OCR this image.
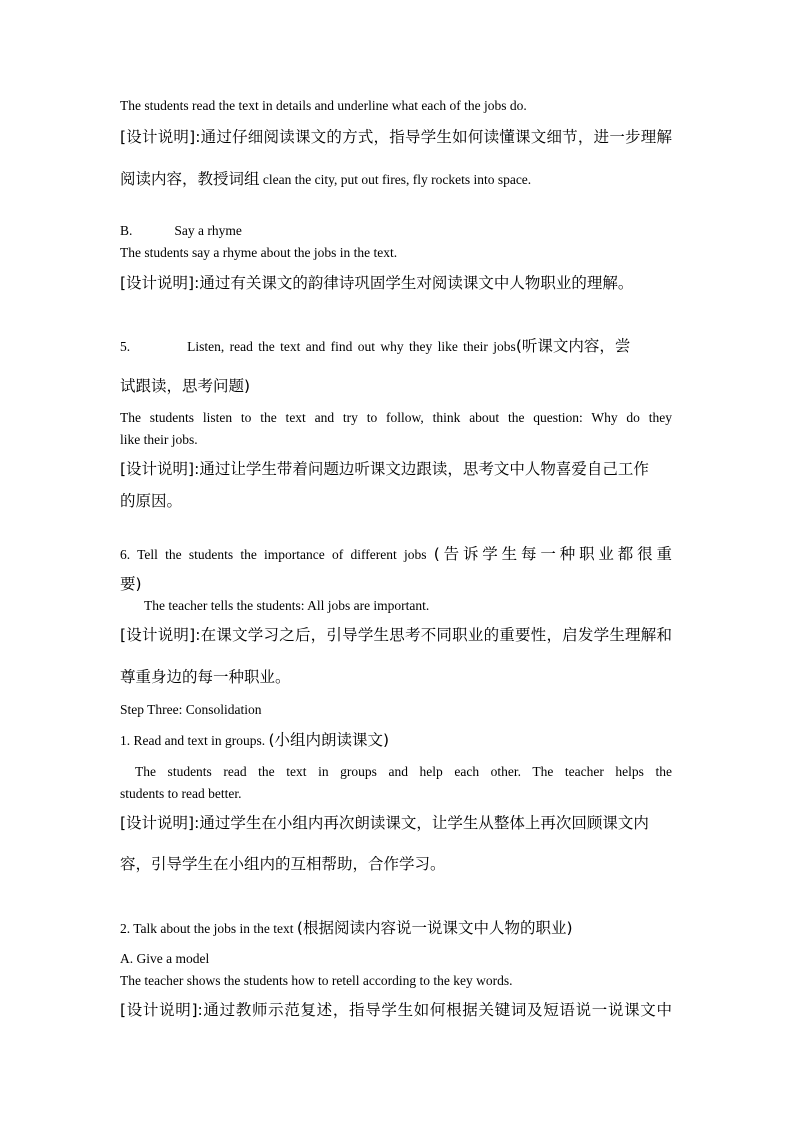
The students read the text in details and underline what each of the jobs do.

[设计说明]:通过仔细阅读课文的方式，指导学生如何读懂课文细节，进一步理解

阅读内容，教授词组 clean the city, put out fires, fly rockets into space.

B.	Say a rhyme

The students say a rhyme about the jobs in the text.

[设计说明]:通过有关课文的韵律诗巩固学生对阅读课文中人物职业的理解。

5.	Listen, read the text and find out why they like their jobs(听课文内容，尝

试跟读，思考问题)

The students listen to the text and try to follow, think about the question: Why do they

like their jobs.

[设计说明]:通过让学生带着问题边听课文边跟读，思考文中人物喜爱自己工作

的原因。

6. Tell the students the importance of different jobs (告诉学生每一种职业都很重

要)

The teacher tells the students: All jobs are important.

[设计说明]:在课文学习之后，引导学生思考不同职业的重要性，启发学生理解和

尊重身边的每一种职业。

Step Three: Consolidation

1. Read and text in groups. (小组内朗读课文)

The students read the text in groups and help each other. The teacher helps the

students to read better.

[设计说明]:通过学生在小组内再次朗读课文，让学生从整体上再次回顾课文内

容，引导学生在小组内的互相帮助，合作学习。

2. Talk about the jobs in the text (根据阅读内容说一说课文中人物的职业)

A. Give a model

The teacher shows the students how to retell according to the key words.

[设计说明]:通过教师示范复述，指导学生如何根据关键词及短语说一说课文中
